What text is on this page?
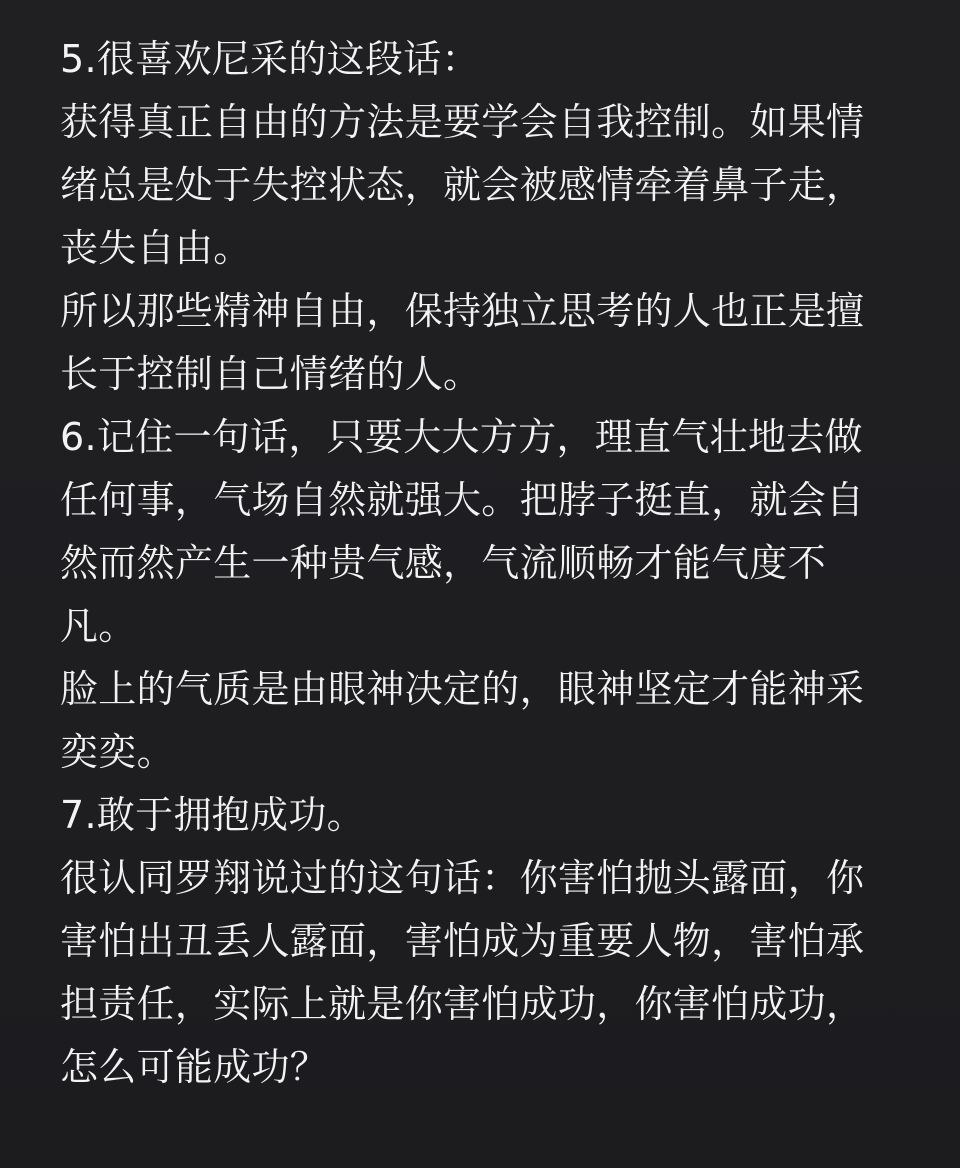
5.很喜欢尼采的这段话：

获得真正自由的方法是要学会自我控制。如果情绪总是处于失控状态，就会被感情牵着鼻子走，丧失自由。

所以那些精神自由，保持独立思考的人也正是擅长于控制自己情绪的人。

6.记住一句话，只要大大方方，理直气壮地去做任何事，气场自然就强大。把脖子挺直，就会自然而然产生一种贵气感，气流顺畅才能气度不凡。

脸上的气质是由眼神决定的，眼神坚定才能神采奕奕。

7.敢于拥抱成功。

很认同罗翔说过的这句话：你害怕抛头露面，你害怕出丑丢人露面，害怕成为重要人物，害怕承担责任，实际上就是你害怕成功，你害怕成功，怎么可能成功？
